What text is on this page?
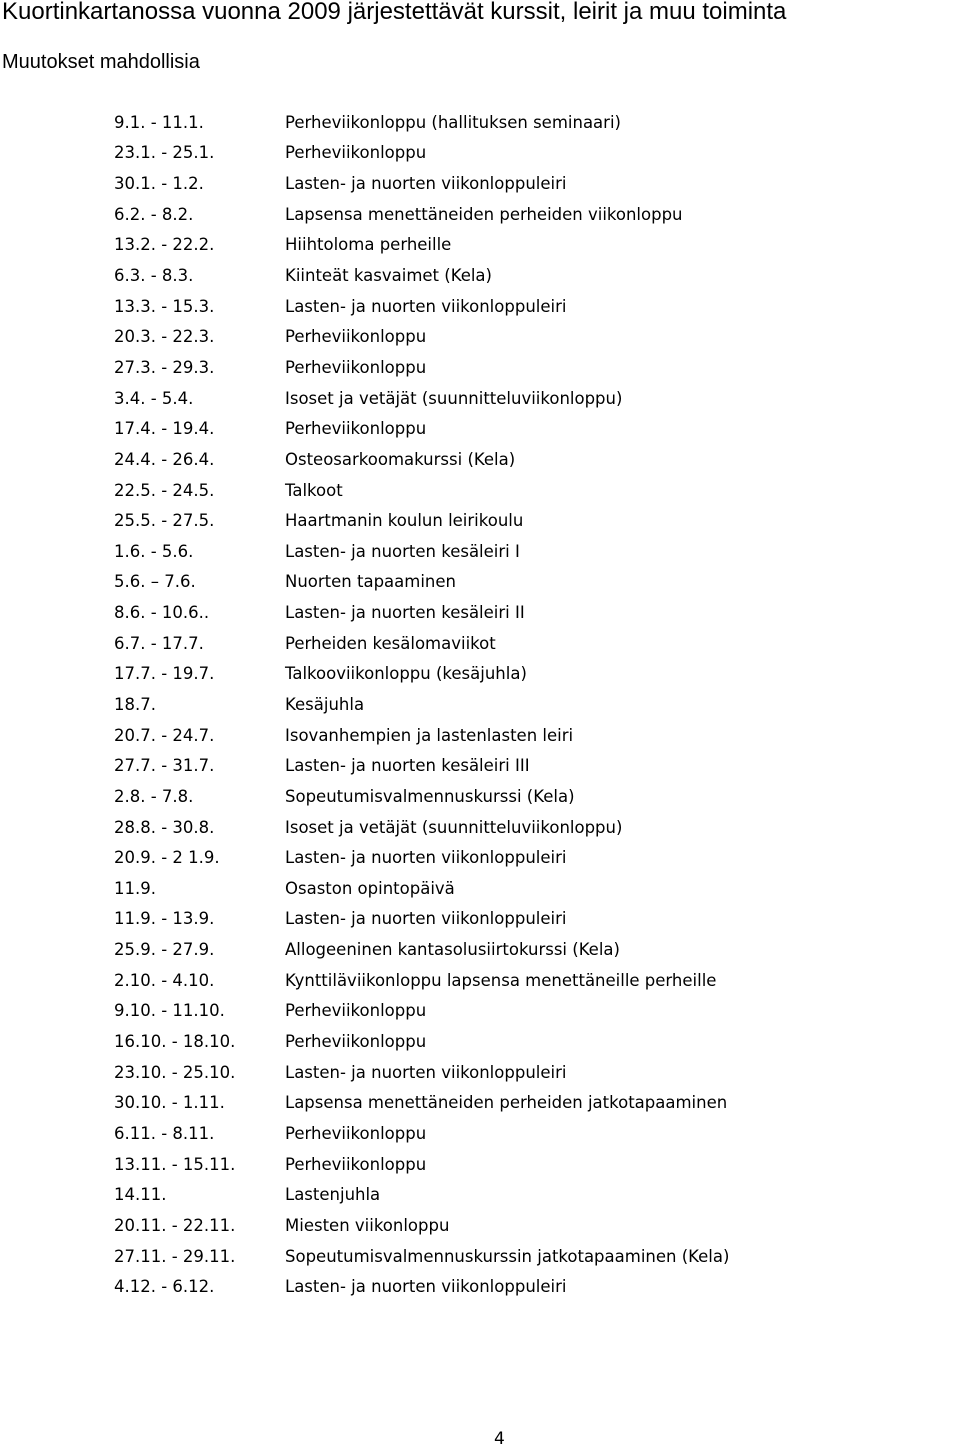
Kuortinkartanossa vuonna 2009 järjestettävät kurssit, leirit ja muu toiminta
Muutokset mahdollisia
9.1. - 11.1.	Perheviikonloppu (hallituksen seminaari)
23.1. - 25.1.	Perheviikonloppu
30.1. - 1.2.	Lasten- ja nuorten viikonloppuleiri
6.2. - 8.2.	Lapsensa menettäneiden perheiden viikonloppu
13.2. - 22.2.	Hiihtoloma perheille
6.3. - 8.3.	Kiinteät kasvaimet (Kela)
13.3. - 15.3.	Lasten- ja nuorten viikonloppuleiri
20.3. - 22.3.	Perheviikonloppu
27.3. - 29.3.	Perheviikonloppu
3.4. - 5.4.	Isoset ja vetäjät (suunnitteluviikonloppu)
17.4. - 19.4.	Perheviikonloppu
24.4. - 26.4.	Osteosarkoomakurssi (Kela)
22.5. - 24.5.	Talkoot
25.5. - 27.5.	Haartmanin koulun leirikoulu
1.6. - 5.6.	Lasten- ja nuorten kesäleiri I
5.6. – 7.6.	Nuorten tapaaminen
8.6. - 10.6..	Lasten- ja nuorten kesäleiri II
6.7. - 17.7.	Perheiden kesälomaviikot
17.7. - 19.7.	Talkooviikonloppu (kesäjuhla)
18.7.	Kesäjuhla
20.7. - 24.7.	Isovanhempien ja lastenlasten leiri
27.7. - 31.7.	Lasten- ja nuorten kesäleiri III
2.8. - 7.8.	Sopeutumisvalmennuskurssi (Kela)
28.8. - 30.8.	Isoset ja vetäjät (suunnitteluviikonloppu)
20.9. - 2 1.9.	Lasten- ja nuorten viikonloppuleiri
11.9.	Osaston opintopäivä
11.9. - 13.9.	Lasten- ja nuorten viikonloppuleiri
25.9. - 27.9.	Allogeeninen kantasolusiirtokurssi (Kela)
2.10. - 4.10.	Kynttiläviikonloppu lapsensa menettäneille perheille
9.10. - 11.10.	Perheviikonloppu
16.10. - 18.10.	Perheviikonloppu
23.10. - 25.10.	Lasten- ja nuorten viikonloppuleiri
30.10. - 1.11.	Lapsensa menettäneiden perheiden jatkotapaaminen
6.11. - 8.11.	Perheviikonloppu
13.11. - 15.11.	Perheviikonloppu
14.11.	Lastenjuhla
20.11. - 22.11.	Miesten viikonloppu
27.11. - 29.11.	Sopeutumisvalmennuskurssin jatkotapaaminen (Kela)
4.12. - 6.12.	Lasten- ja nuorten viikonloppuleiri
4
